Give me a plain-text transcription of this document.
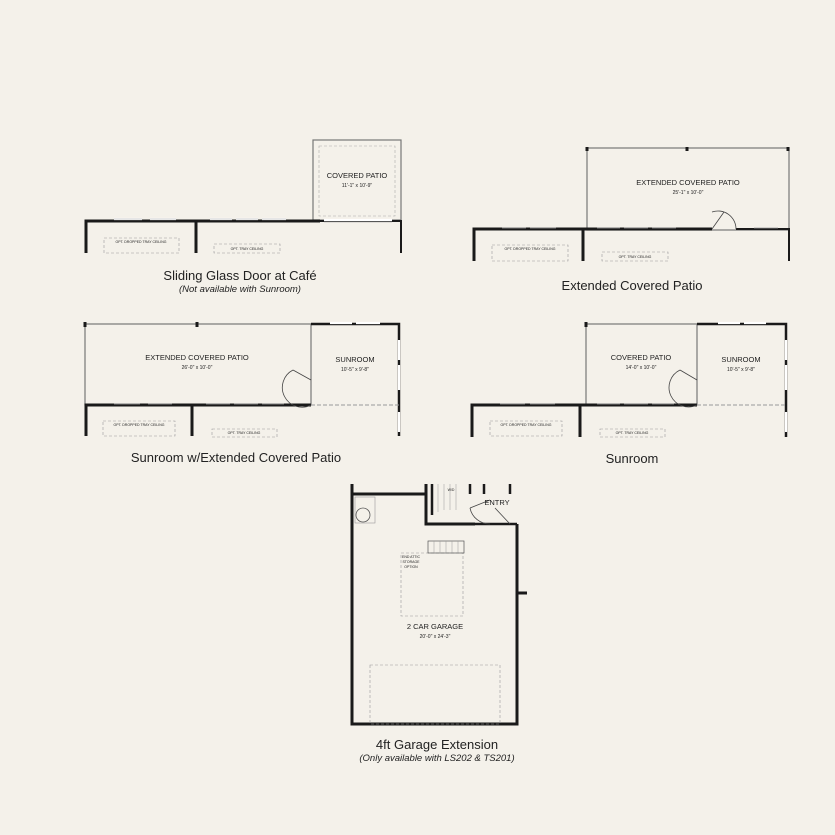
COVERED PATIO
11'-1" x 10'-9"
OPT. DROPPED TRAY CEILING
OPT. TRAY CEILING
EXTENDED COVERED PATIO
25'-1" x 10'-0"
OPT. DROPPED TRAY CEILING
OPT. TRAY CEILING
EXTENDED COVERED PATIO
26'-0" x 10'-0"
SUNROOM
10'-5" x 9'-8"
OPT. DROPPED TRAY CEILING
OPT. TRAY CEILING
COVERED PATIO
14'-0" x 10'-0"
SUNROOM
10'-5" x 9'-8"
OPT. DROPPED TRAY CEILING
OPT. TRAY CEILING
2 CAR GARAGE
20'-0" x 24'-3"
ENTRY
END ATTIC
STORAGE
OPTION
W/D
Sliding Glass Door at Café
(Not available with Sunroom)	Extended Covered Patio
Sunroom w/Extended Covered Patio	Sunroom
4ft Garage Extension
(Only available with LS202 & TS201)
